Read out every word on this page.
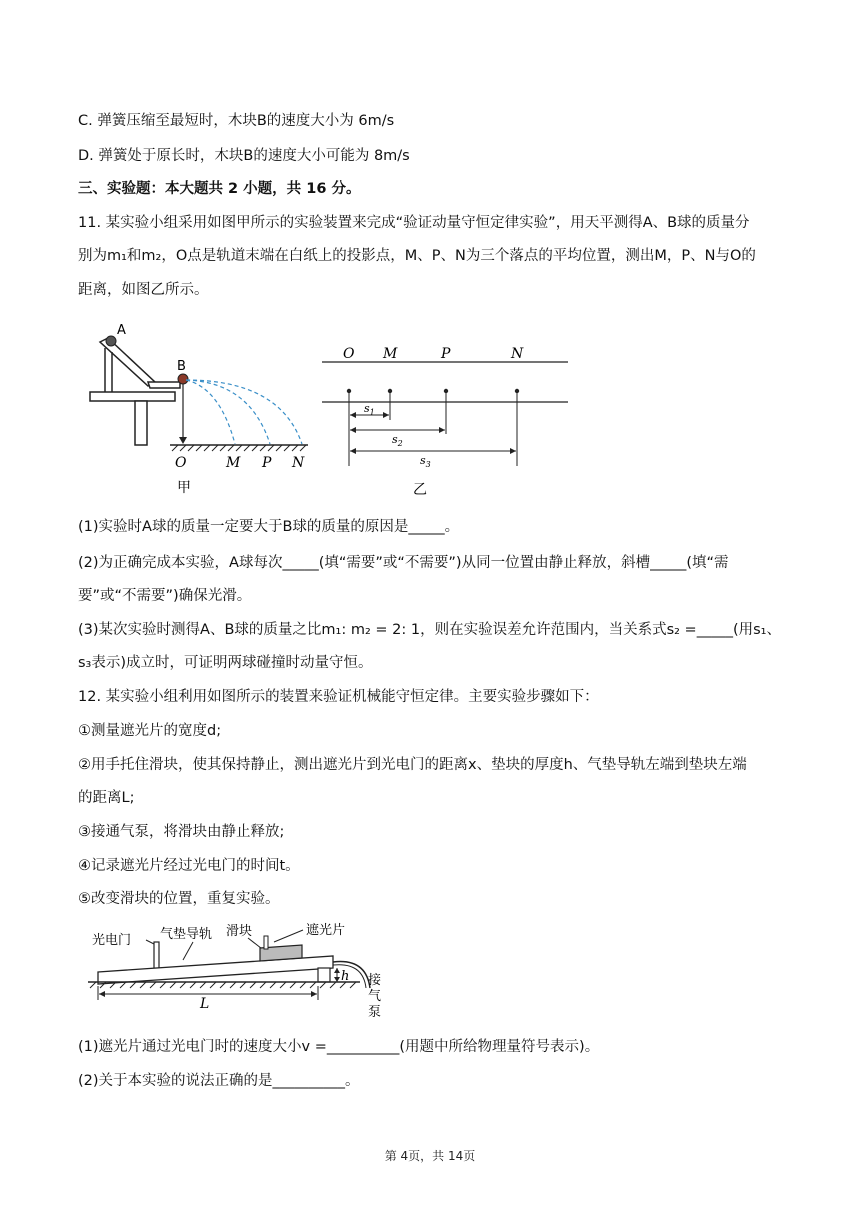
C. 弹簧压缩至最短时，木块B的速度大小为 6m/s
D. 弹簧处于原长时，木块B的速度大小可能为 8m/s
三、实验题：本大题共 2 小题，共 16 分。
11. 某实验小组采用如图甲所示的实验装置来完成“验证动量守恒定律实验”，用天平测得A、B球的质量分
别为m₁和m₂，O点是轨道末端在白纸上的投影点，M、P、N为三个落点的平均位置，测出M，P、N与O的
距离，如图乙所示。
A
B
O	M P N
甲
O M	P	N
$s_1$
$s_2$
$s_3$
乙
(1)实验时A球的质量一定要大于B球的质量的原因是_____。
(2)为正确完成本实验，A球每次_____(填“需要”或“不需要”)从同一位置由静止释放，斜槽_____(填“需
要”或“不需要”)确保光滑。
(3)某次实验时测得A、B球的质量之比m₁: m₂ = 2: 1，则在实验误差允许范围内，当关系式s₂ =_____(用s₁、
s₃表示)成立时，可证明两球碰撞时动量守恒。
12. 某实验小组利用如图所示的装置来验证机械能守恒定律。主要实验步骤如下：
①测量遮光片的宽度d;
②用手托住滑块，使其保持静止，测出遮光片到光电门的距离x、垫块的厚度h、气垫导轨左端到垫块左端
的距离L;
③接通气泵，将滑块由静止释放;
④记录遮光片经过光电门的时间t。
⑤改变滑块的位置，重复实验。
光电门 气垫导轨 滑块	遮光片
h 接
气
泵
L
(1)遮光片通过光电门时的速度大小v =__________(用题中所给物理量符号表示)。
(2)关于本实验的说法正确的是__________。
第 4页，共 14页
